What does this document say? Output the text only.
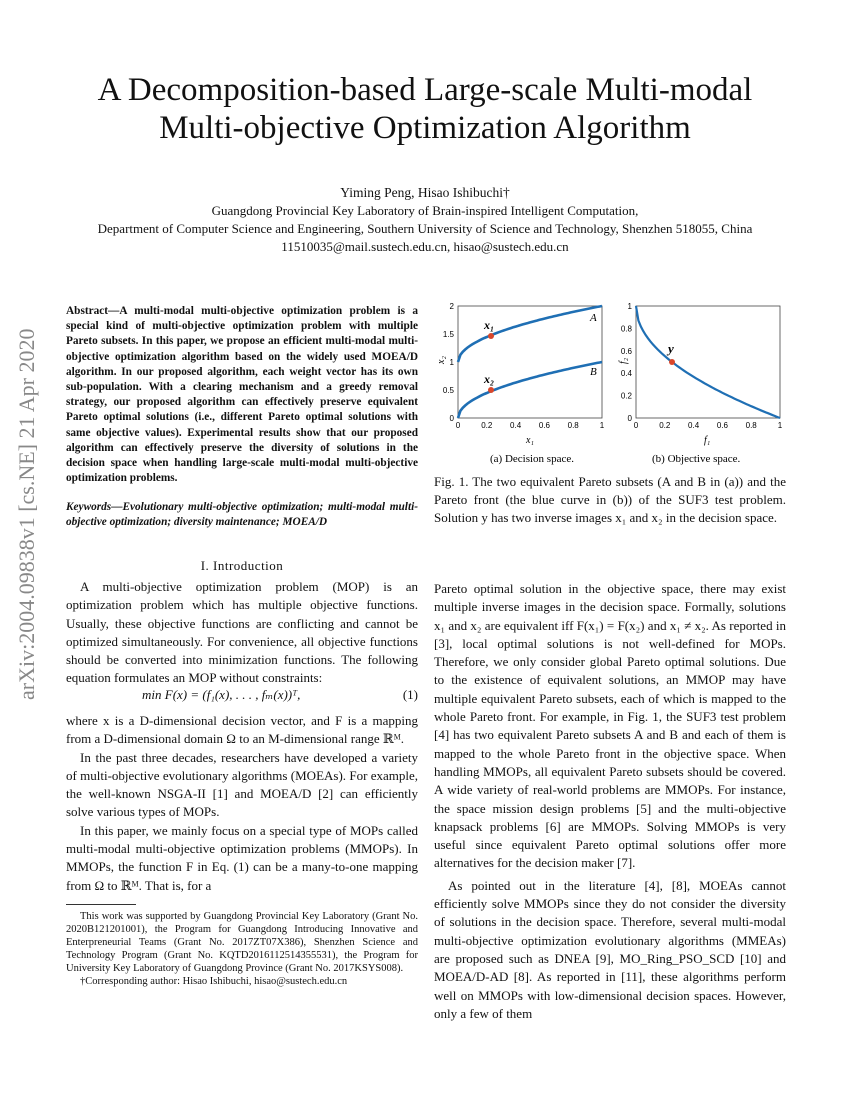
arXiv:2004.09838v1 [cs.NE] 21 Apr 2020
A Decomposition-based Large-scale Multi-modal
Multi-objective Optimization Algorithm
Yiming Peng, Hisao Ishibuchi†
Guangdong Provincial Key Laboratory of Brain-inspired Intelligent Computation,
Department of Computer Science and Engineering, Southern University of Science and Technology, Shenzhen 518055, China
11510035@mail.sustech.edu.cn, hisao@sustech.edu.cn
Abstract—A multi-modal multi-objective optimization problem is a special kind of multi-objective optimization problem with multiple Pareto subsets. In this paper, we propose an efficient multi-modal multi-objective optimization algorithm based on the widely used MOEA/D algorithm. In our proposed algorithm, each weight vector has its own sub-population. With a clearing mechanism and a greedy removal strategy, our proposed algorithm can effectively preserve equivalent Pareto optimal solutions (i.e., different Pareto optimal solutions with same objective values). Experimental results show that our proposed algorithm can effectively preserve the diversity of solutions in the decision space when handling large-scale multi-modal multi-objective optimization problems.
Keywords—Evolutionary multi-objective optimization; multi-modal multi-objective optimization; diversity maintenance; MOEA/D
I. Introduction

A multi-objective optimization problem (MOP) is an optimization problem which has multiple objective functions. Usually, these objective functions are conflicting and cannot be optimized simultaneously. For convenience, all objective functions should be converted into minimization functions. The following equation formulates an MOP without constraints:

min F(x) = (f₁(x), . . . , fₘ(x))ᵀ,	(1)

where x is a D-dimensional decision vector, and F is a mapping from a D-dimensional domain Ω to an M-dimensional range ℝᴹ.

In the past three decades, researchers have developed a variety of multi-objective evolutionary algorithms (MOEAs). For example, the well-known NSGA-II [1] and MOEA/D [2] can efficiently solve various types of MOPs.

In this paper, we mainly focus on a special type of MOPs called multi-modal multi-objective optimization problems (MMOPs). In MMOPs, the function F in Eq. (1) can be a many-to-one mapping from Ω to ℝᴹ. That is, for a

This work was supported by Guangdong Provincial Key Laboratory (Grant No. 2020B121201001), the Program for Guangdong Introducing Innovative and Enterpreneurial Teams (Grant No. 2017ZT07X386), Shenzhen Science and Technology Program (Grant No. KQTD2016112514355531), the Program for University Key Laboratory of Guangdong Province (Grant No. 2017KSYS008).

†Corresponding author: Hisao Ishibuchi, hisao@sustech.edu.cn

0
0.5
1
1.5
2
0	0.2 0.4 0.6 0.8	1
x₁
x₂
A
B
x₁
x₂
0
0.2
0.4
0.6
0.8
1
0	0.2 0.4 0.6 0.8	1
y
f₁
f₂
(a) Decision space.	(b) Objective space.
Fig. 1. The two equivalent Pareto subsets (A and B in (a)) and the Pareto front (the blue curve in (b)) of the SUF3 test problem. Solution y has two inverse images x₁ and x₂ in the decision space.

Pareto optimal solution in the objective space, there may exist multiple inverse images in the decision space. Formally, solutions x₁ and x₂ are equivalent iff F(x₁) = F(x₂) and x₁ ≠ x₂. As reported in [3], local optimal solutions is not well-defined for MOPs. Therefore, we only consider global Pareto optimal solutions. Due to the existence of equivalent solutions, an MMOP may have multiple equivalent Pareto subsets, each of which is mapped to the whole Pareto front. For example, in Fig. 1, the SUF3 test problem [4] has two equivalent Pareto subsets A and B and each of them is mapped to the whole Pareto front in the objective space. When handling MMOPs, all equivalent Pareto subsets should be covered. A wide variety of real-world problems are MMOPs. For instance, the space mission design problems [5] and the multi-objective knapsack problems [6] are MMOPs. Solving MMOPs is very useful since equivalent Pareto optimal solutions offer more alternatives for the decision maker [7].

As pointed out in the literature [4], [8], MOEAs cannot efficiently solve MMOPs since they do not consider the diversity of solutions in the decision space. Therefore, several multi-modal multi-objective optimization evolutionary algorithms (MMEAs) are proposed such as DNEA [9], MO_Ring_PSO_SCD [10] and MOEA/D-AD [8]. As reported in [11], these algorithms perform well on MMOPs with low-dimensional decision spaces. However, only a few of them
